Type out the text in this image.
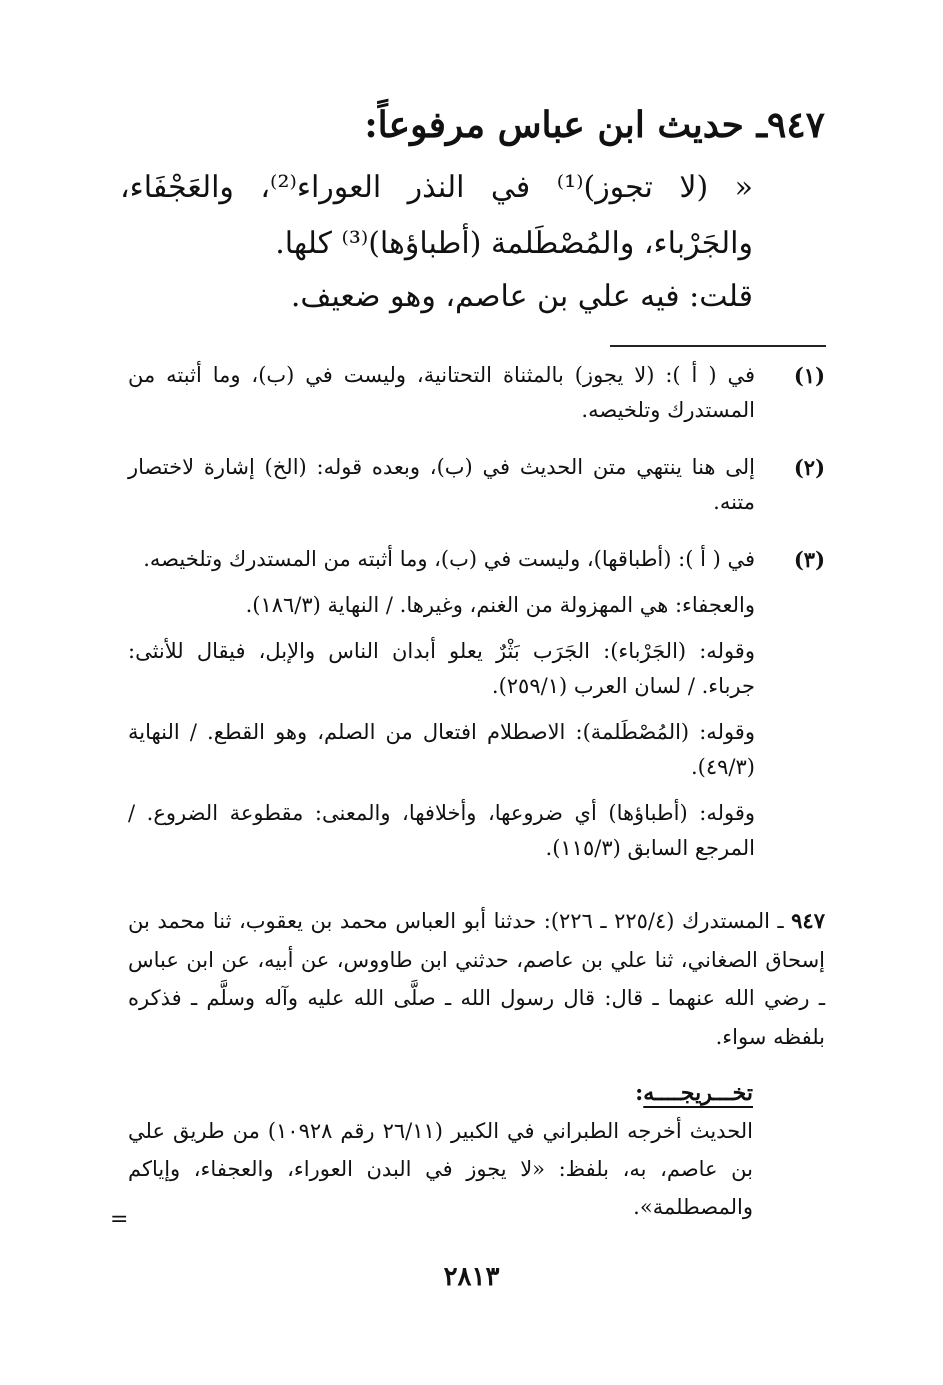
٩٤٧ـ حديث ابن عباس مرفوعاً:
« (لا تجوز)⁽¹⁾ في النذر العوراء⁽²⁾، والعَجْفَاء، والجَرْباء، والمُصْطَلمة (أطباؤها)⁽³⁾ كلها.
قلت: فيه علي بن عاصم، وهو ضعيف.
(١)

في ( أ ): (لا يجوز) بالمثناة التحتانية، وليست في (ب)، وما أثبته من المستدرك وتلخيصه.

(٢)

إلى هنا ينتهي متن الحديث في (ب)، وبعده قوله: (الخ) إشارة لاختصار متنه.

(٣)

في ( أ ): (أطباقها)، وليست في (ب)، وما أثبته من المستدرك وتلخيصه.

والعجفاء: هي المهزولة من الغنم، وغيرها. / النهاية (١٨٦/٣).

وقوله: (الجَرْباء): الجَرَب بَثْرٌ يعلو أبدان الناس والإبل، فيقال للأنثى: جرباء. / لسان العرب (٢٥٩/١).

وقوله: (المُصْطَلمة): الاصطلام افتعال من الصلم، وهو القطع. / النهاية (٤٩/٣).

وقوله: (أطباؤها) أي ضروعها، وأخلافها، والمعنى: مقطوعة الضروع. / المرجع السابق (١١٥/٣).

٩٤٧ ـ المستدرك (٢٢٥/٤ ـ ٢٢٦): حدثنا أبو العباس محمد بن يعقوب، ثنا محمد بن إسحاق الصغاني، ثنا علي بن عاصم، حدثني ابن طاووس، عن أبيه، عن ابن عباس ـ رضي الله عنهما ـ قال: قال رسول الله ـ صلَّى الله عليه وآله وسلَّم ـ فذكره بلفظه سواء.
تخـــريجــــه:
الحديث أخرجه الطبراني في الكبير (٢٦/١١ رقم ١٠٩٢٨) من طريق علي بن عاصم، به، بلفظ: «لا يجوز في البدن العوراء، والعجفاء، وإياكم والمصطلمة».
=
٢٨١٣
